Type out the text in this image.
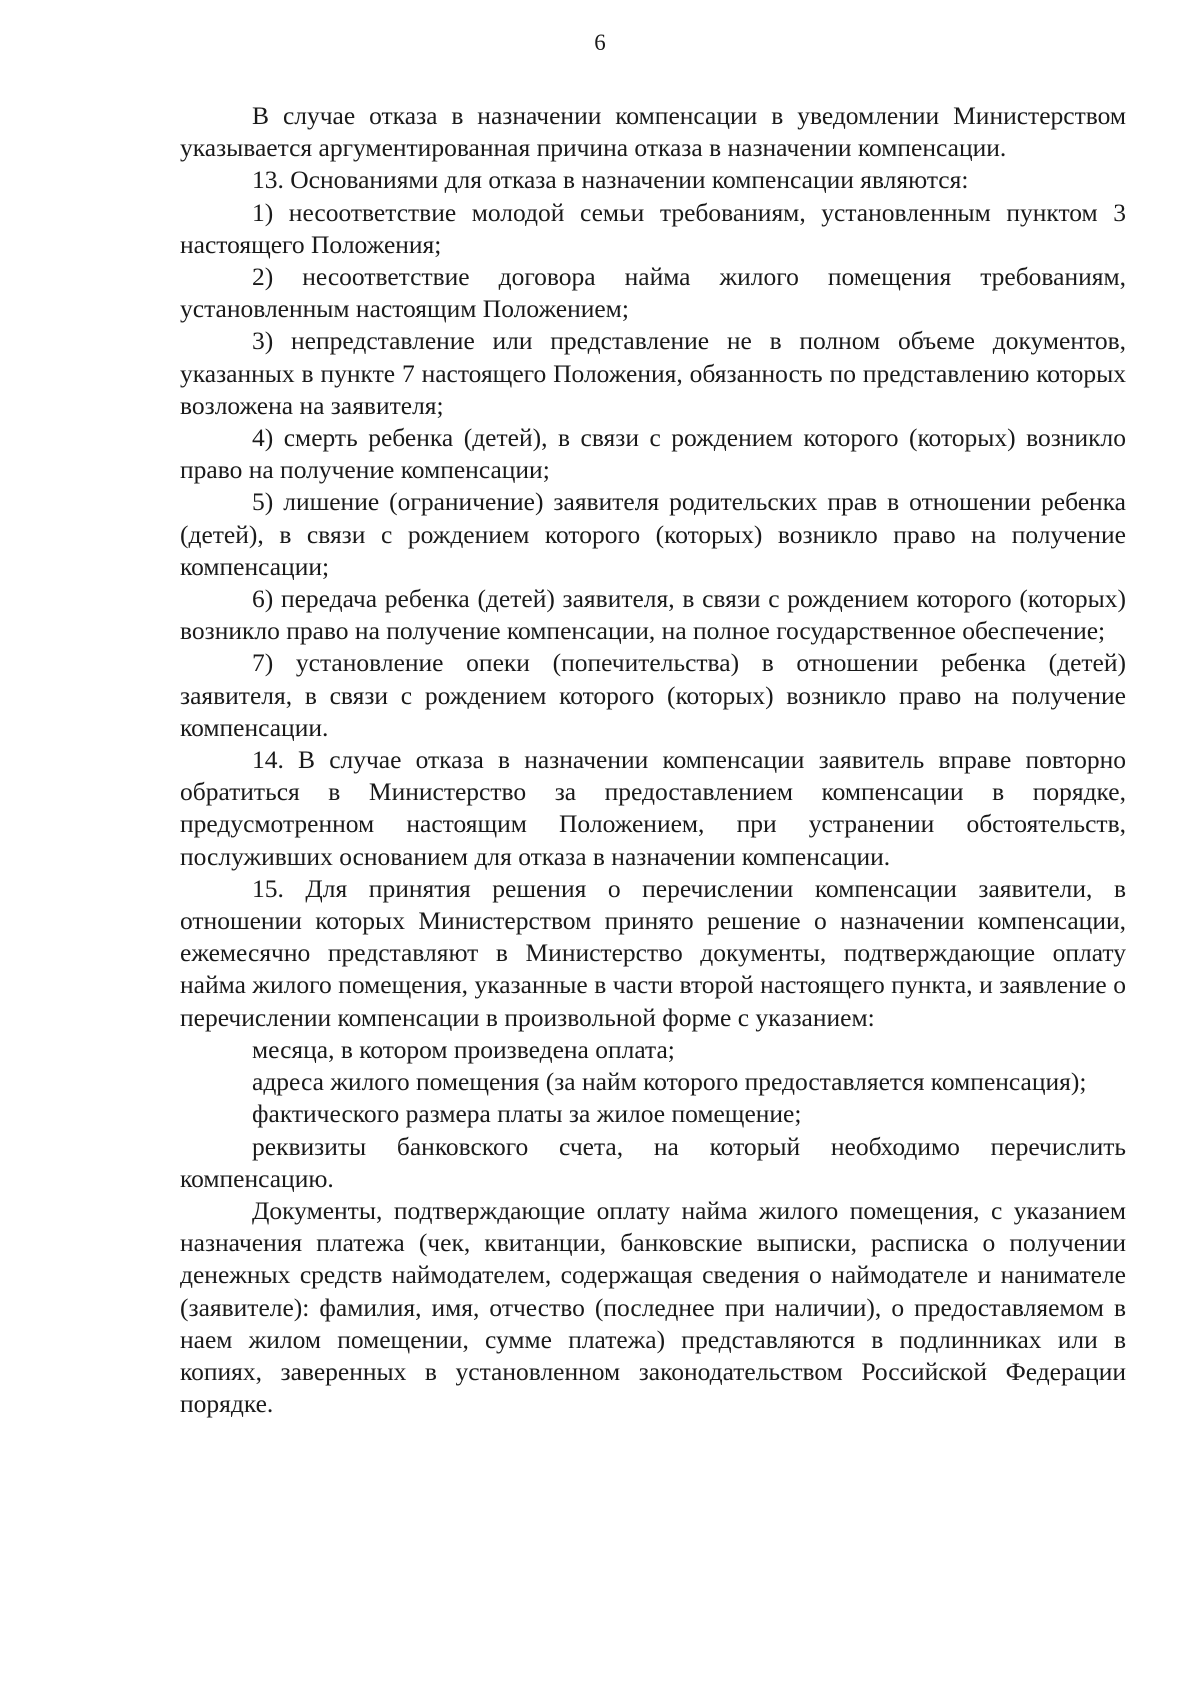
6

В случае отказа в назначении компенсации в уведомлении Министерством указывается аргументированная причина отказа в назначении компенсации.

13. Основаниями для отказа в назначении компенсации являются:

1) несоответствие молодой семьи требованиям, установленным пунктом 3 настоящего Положения;

2) несоответствие договора найма жилого помещения требованиям, установленным настоящим Положением;

3) непредставление или представление не в полном объеме документов, указанных в пункте 7 настоящего Положения, обязанность по представлению которых возложена на заявителя;

4) смерть ребенка (детей), в связи с рождением которого (которых) возникло право на получение компенсации;

5) лишение (ограничение) заявителя родительских прав в отношении ребенка (детей), в связи с рождением которого (которых) возникло право на получение компенсации;

6) передача ребенка (детей) заявителя, в связи с рождением которого (которых) возникло право на получение компенсации, на полное государственное обеспечение;

7) установление опеки (попечительства) в отношении ребенка (детей) заявителя, в связи с рождением которого (которых) возникло право на получение компенсации.

14. В случае отказа в назначении компенсации заявитель вправе повторно обратиться в Министерство за предоставлением компенсации в порядке, предусмотренном настоящим Положением, при устранении обстоятельств, послуживших основанием для отказа в назначении компенсации.

15. Для принятия решения о перечислении компенсации заявители, в отношении которых Министерством принято решение о назначении компенсации, ежемесячно представляют в Министерство документы, подтверждающие оплату найма жилого помещения, указанные в части второй настоящего пункта, и заявление о перечислении компенсации в произвольной форме с указанием:

месяца, в котором произведена оплата;

адреса жилого помещения (за найм которого предоставляется компенсация);

фактического размера платы за жилое помещение;

реквизиты банковского счета, на который необходимо перечислить компенсацию.

Документы, подтверждающие оплату найма жилого помещения, с указанием назначения платежа (чек, квитанции, банковские выписки, расписка о получении денежных средств наймодателем, содержащая сведения о наймодателе и нанимателе (заявителе): фамилия, имя, отчество (последнее при наличии), о предоставляемом в наем жилом помещении, сумме платежа) представляются в подлинниках или в копиях, заверенных в установленном законодательством Российской Федерации порядке.
